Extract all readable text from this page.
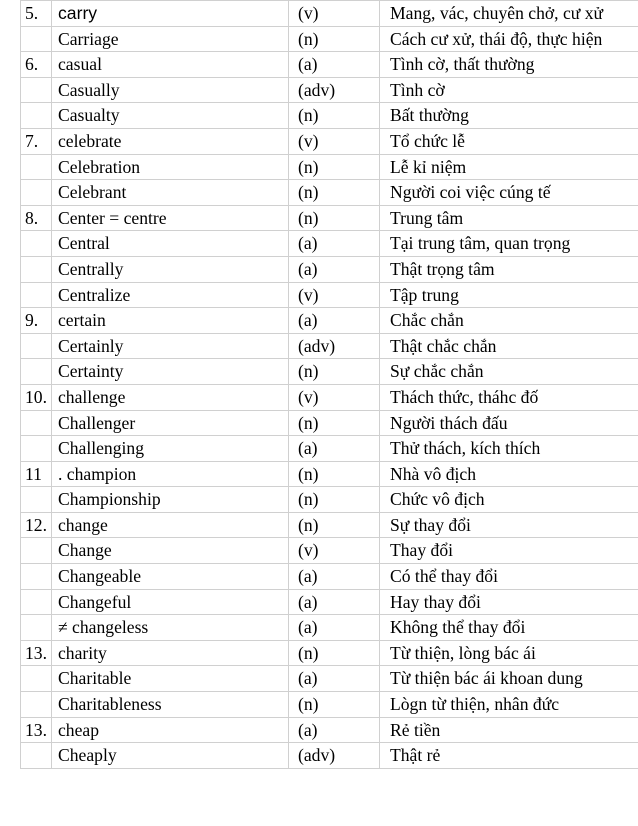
5.	carry	(v)	Mang, vác, chuyên chở, cư xử
	Carriage	(n)	Cách cư xử, thái độ, thực hiện
6.	casual	(a)	Tình cờ, thất thường
	Casually	(adv)	Tình cờ
	Casualty	(n)	Bất thường
7.	celebrate	(v)	Tổ chức lễ
	Celebration	(n)	Lễ kỉ niệm
	Celebrant	(n)	Người coi việc cúng tế
8.	Center = centre	(n)	Trung tâm
	Central	(a)	Tại trung tâm, quan trọng
	Centrally	(a)	Thật trọng tâm
	Centralize	(v)	Tập trung
9.	certain	(a)	Chắc chắn
	Certainly	(adv)	Thật chắc chắn
	Certainty	(n)	Sự chắc chắn
10.	challenge	(v)	Thách thức, tháhc đố
	Challenger	(n)	Người thách đấu
	Challenging	(a)	Thử thách, kích thích
11	. champion	(n)	Nhà vô địch
	Championship	(n)	Chức vô địch
12.	change	(n)	Sự thay đổi
	Change	(v)	Thay đổi
	Changeable	(a)	Có thể thay đổi
	Changeful	(a)	Hay thay đổi
	≠ changeless	(a)	Không thể thay đổi
13.	charity	(n)	Từ thiện, lòng bác ái
	Charitable	(a)	Từ thiện bác ái khoan dung
	Charitableness	(n)	Lògn từ thiện, nhân đức
13.	cheap	(a)	Rẻ tiền
	Cheaply	(adv)	Thật rẻ
